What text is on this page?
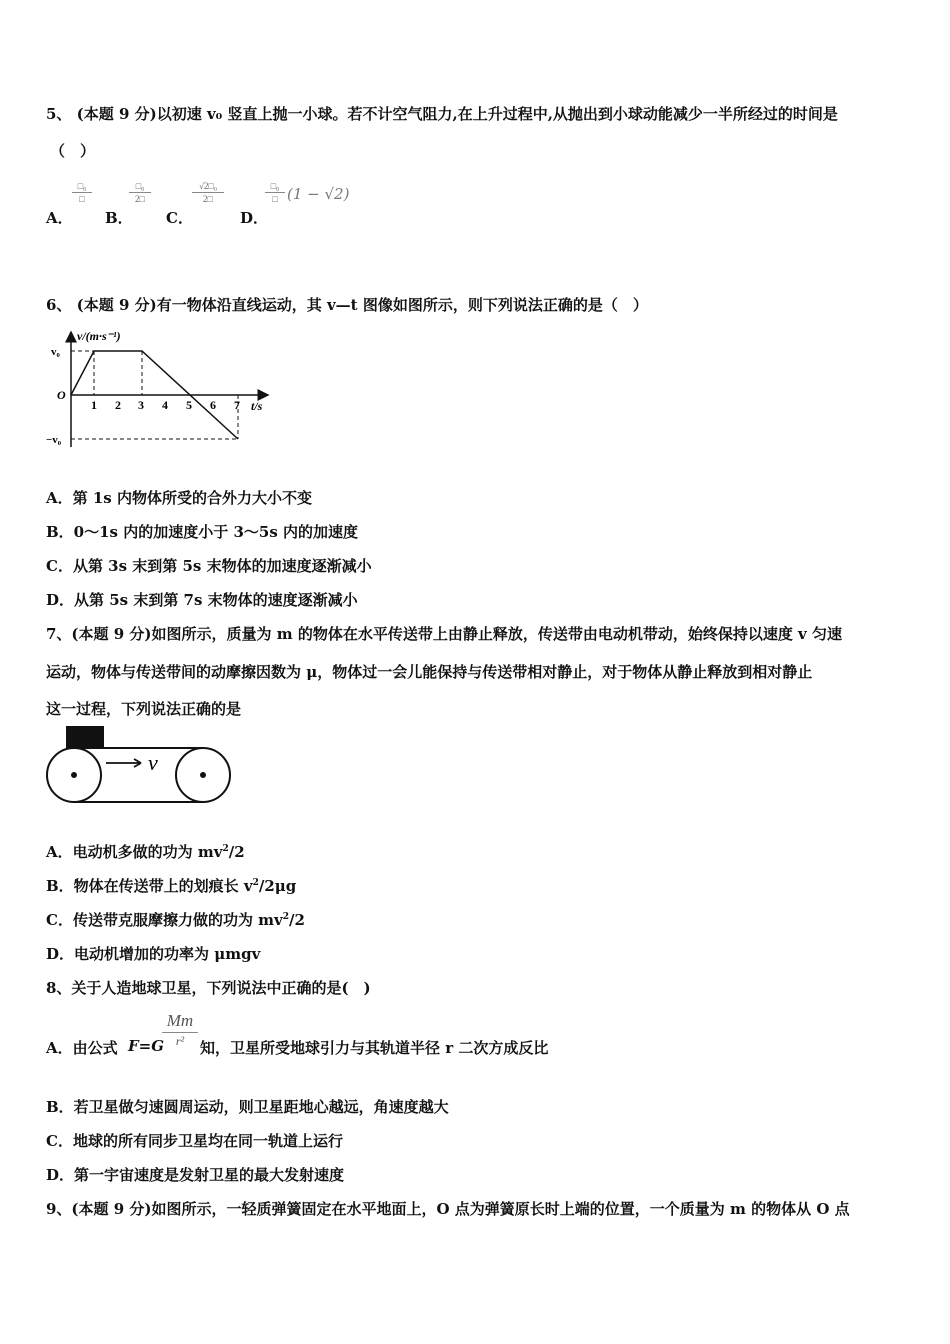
5、 (本题 9 分)以初速 v₀ 竖直上抛一小球。若不计空气阻力,在上升过程中,从抛出到小球动能减少一半所经过的时间是
（　）
A．
□₀
□
B．
□₀
2□
C．
√2□₀
2□
D．
□₀
□ (1 − √2)
6、 (本题 9 分)有一物体沿直线运动，其 v—t 图像如图所示，则下列说法正确的是（　）
v/(m·s⁻¹)
v₀
−v₀
O
t/s
1 2 3 4 5 6 7
A．第 1s 内物体所受的合外力大小不变
B．0～1s 内的加速度小于 3～5s 内的加速度
C．从第 3s 末到第 5s 末物体的加速度逐渐减小
D．从第 5s 末到第 7s 末物体的速度逐渐减小
7、(本题 9 分)如图所示，质量为 m 的物体在水平传送带上由静止释放，传送带由电动机带动，始终保持以速度 v 匀速
运动，物体与传送带间的动摩擦因数为 μ，物体过一会儿能保持与传送带相对静止，对于物体从静止释放到相对静止
这一过程，下列说法正确的是
v
A．电动机多做的功为 $mv^2/2$
B．物体在传送带上的划痕长 $v^2/2\mu g$
C．传送带克服摩擦力做的功为 $mv^2/2$
D．电动机增加的功率为 μmgv
8、关于人造地球卫星，下列说法中正确的是(　)
A．由公式 F=G
Mm
r²	知，卫星所受地球引力与其轨道半径 r 二次方成反比
B．若卫星做匀速圆周运动，则卫星距地心越远，角速度越大
C．地球的所有同步卫星均在同一轨道上运行
D．第一宇宙速度是发射卫星的最大发射速度
9、(本题 9 分)如图所示，一轻质弹簧固定在水平地面上，O 点为弹簧原长时上端的位置，一个质量为 m 的物体从 O 点
